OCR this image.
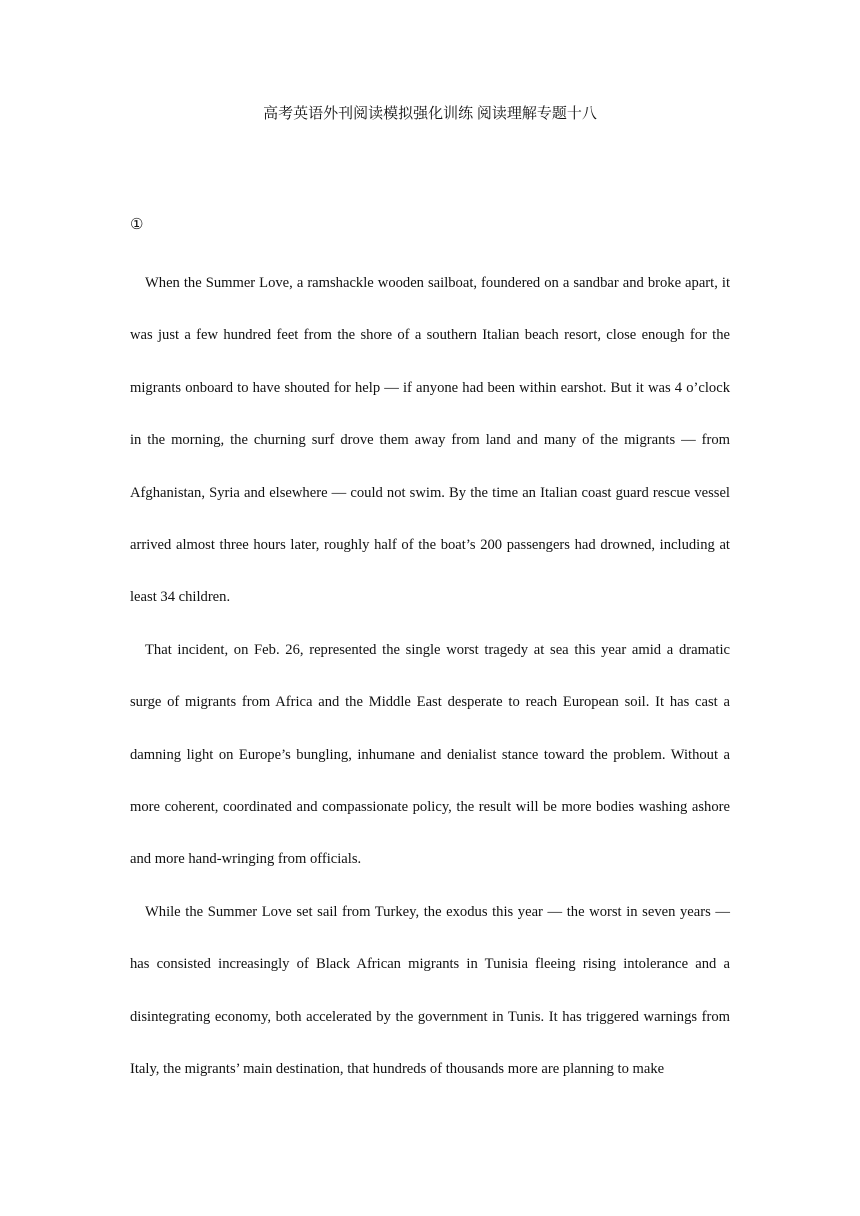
高考英语外刊阅读模拟强化训练 阅读理解专题十八
①

When the Summer Love, a ramshackle wooden sailboat, foundered on a sandbar and broke apart, it was just a few hundred feet from the shore of a southern Italian beach resort, close enough for the migrants onboard to have shouted for help — if anyone had been within earshot. But it was 4 o’clock in the morning, the churning surf drove them away from land and many of the migrants — from Afghanistan, Syria and elsewhere — could not swim. By the time an Italian coast guard rescue vessel arrived almost three hours later, roughly half of the boat’s 200 passengers had drowned, including at least 34 children.

That incident, on Feb. 26, represented the single worst tragedy at sea this year amid a dramatic surge of migrants from Africa and the Middle East desperate to reach European soil. It has cast a damning light on Europe’s bungling, inhumane and denialist stance toward the problem. Without a more coherent, coordinated and compassionate policy, the result will be more bodies washing ashore and more hand-wringing from officials.

While the Summer Love set sail from Turkey, the exodus this year — the worst in seven years — has consisted increasingly of Black African migrants in Tunisia fleeing rising intolerance and a disintegrating economy, both accelerated by the government in Tunis. It has triggered warnings from Italy, the migrants’ main destination, that hundreds of thousands more are planning to make
